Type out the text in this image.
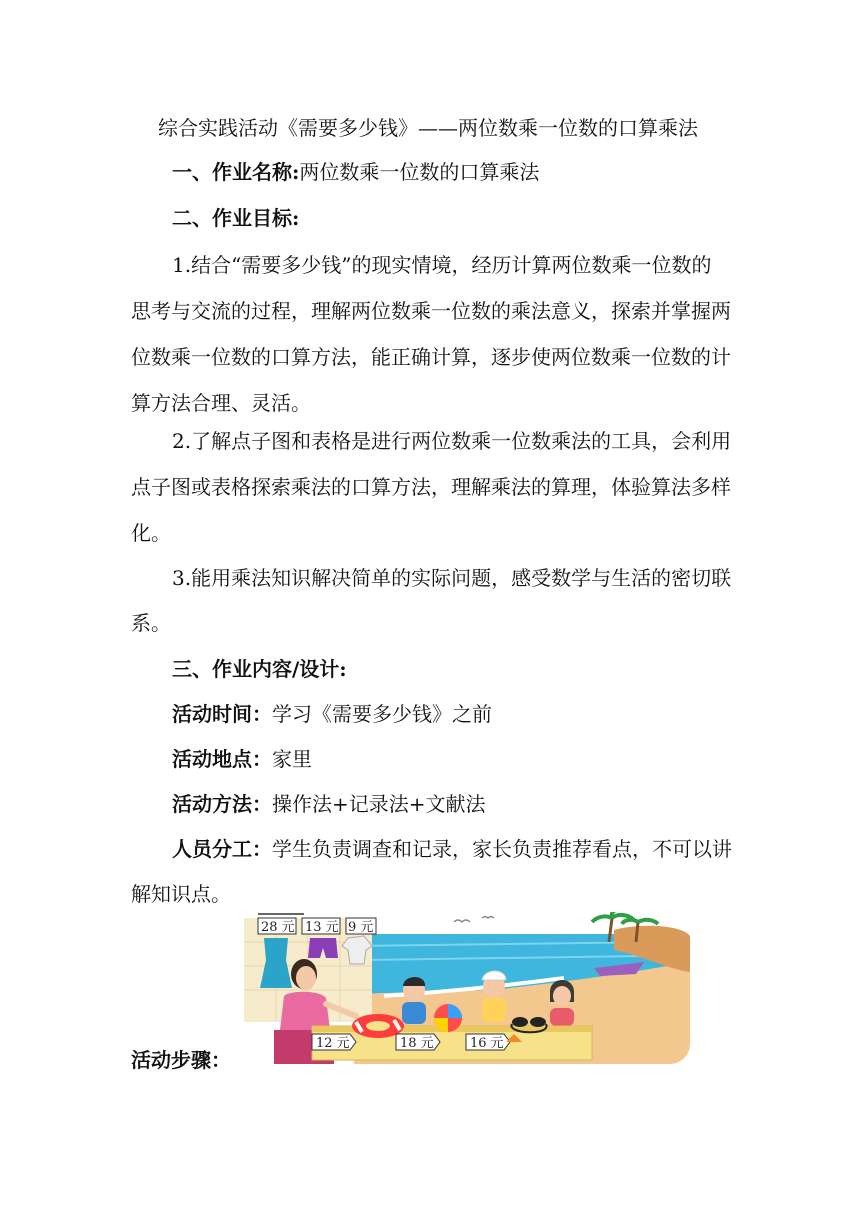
综合实践活动《需要多少钱》——两位数乘一位数的口算乘法
一、作业名称:两位数乘一位数的口算乘法
二、作业目标:
1.结合“需要多少钱”的现实情境，经历计算两位数乘一位数的
思考与交流的过程，理解两位数乘一位数的乘法意义，探索并掌握两
位数乘一位数的口算方法，能正确计算，逐步使两位数乘一位数的计
算方法合理、灵活。
2.了解点子图和表格是进行两位数乘一位数乘法的工具，会利用
点子图或表格探索乘法的口算方法，理解乘法的算理，体验算法多样
化。
3.能用乘法知识解决简单的实际问题，感受数学与生活的密切联
系。
三、作业内容/设计:
活动时间：学习《需要多少钱》之前
活动地点：家里
活动方法：操作法+记录法+文献法
人员分工：学生负责调查和记录，家长负责推荐看点，不可以讲
解知识点。
活动步骤：
28 元 13 元 9 元
12 元	18 元	16 元
